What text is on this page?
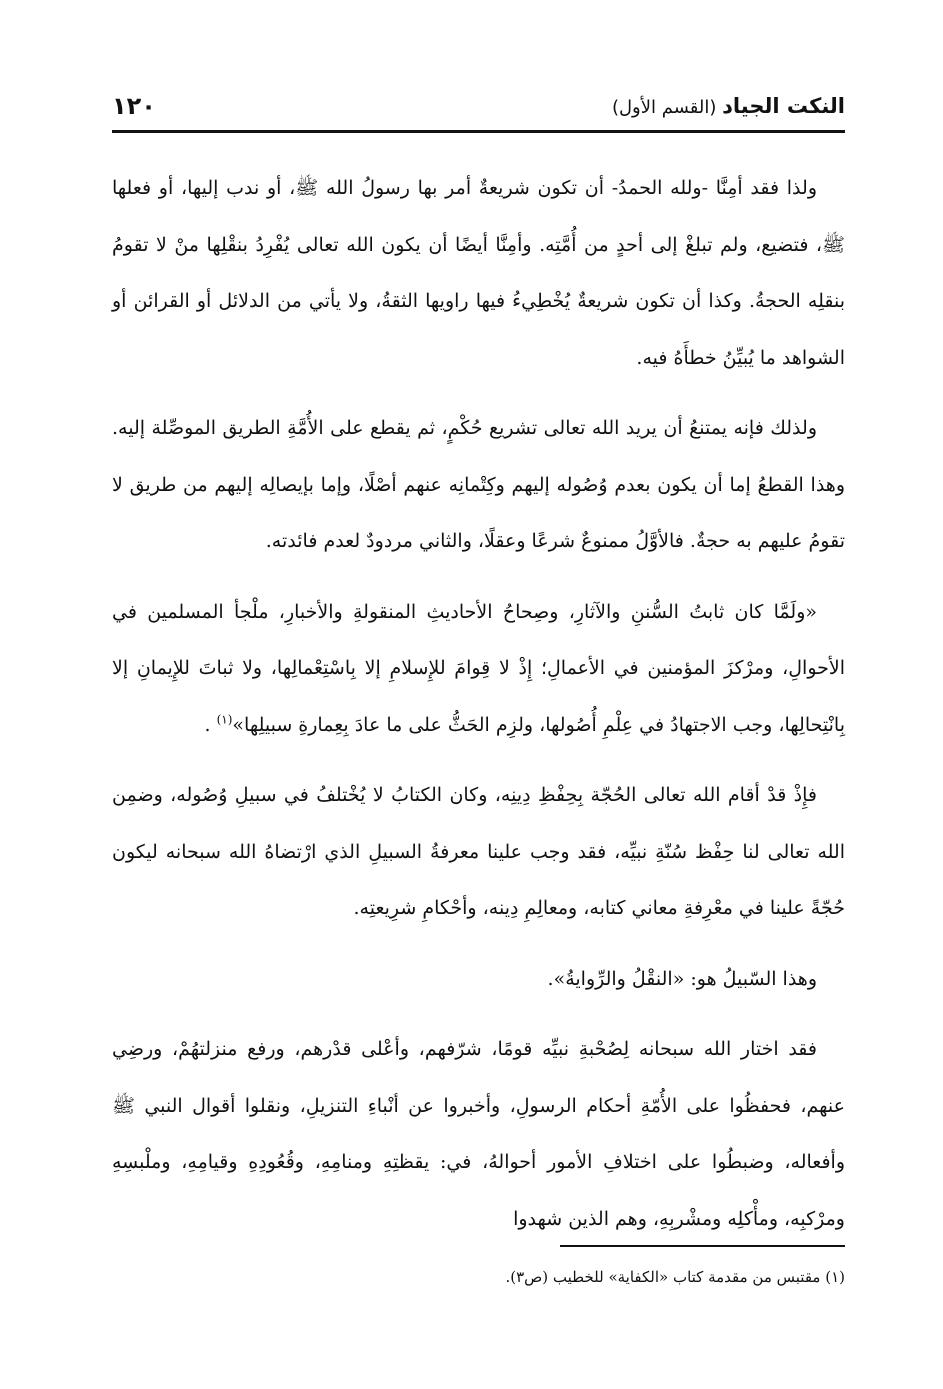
النكت الجياد (القسم الأول)
١٢٠

ولذا فقد أمِنَّا -ولله الحمدُ- أن تكون شريعةٌ أمر بها رسولُ الله ﷺ، أو ندب إليها، أو فعلها ﷺ، فتضيع، ولم تبلغْ إلى أحدٍ من أُمَّتِه. وأمِنَّا أيضًا أن يكون الله تعالى يُفْرِدُ بنقْلِها منْ لا تقومُ بنقلِه الحجةُ. وكذا أن تكون شريعةٌ يُخْطِيءُ فيها راويها الثقةُ، ولا يأتي من الدلائل أو القرائن أو الشواهد ما يُبيِّنُ خطأَهُ فيه.

ولذلك فإنه يمتنعُ أن يريد الله تعالى تشريع حُكْمٍ، ثم يقطع على الأُمَّةِ الطريق الموصِّلة إليه. وهذا القطعُ إما أن يكون بعدم وُصُوله إليهم وكِتْمانِه عنهم أصْلًا، وإما بإيصالِه إليهم من طريق لا تقومُ عليهم به حجةٌ. فالأوَّلُ ممنوعٌ شرعًا وعقلًا، والثاني مردودٌ لعدم فائدته.

«ولَمَّا كان ثابتُ السُّننِ والآثارِ، وصِحاحُ الأحاديثِ المنقولةِ والأخبارِ، ملْجأ المسلمين في الأحوالِ، ومرْكزَ المؤمنين في الأعمالِ؛ إِذْ لا قِوامَ للإِسلامِ إلا بِاسْتِعْمالِها، ولا ثباتَ للإِيمانِ إلا بِانْتِحالِها، وجب الاجتهادُ في عِلْمِ أُصُولها، ولزِم الحَثُّ على ما عادَ بِعِمارةِ سبيلِها»$^{(١)}$ .

فإِذْ قدْ أقام الله تعالى الحُجّة بِحِفْظِ دِينِه، وكان الكتابُ لا يُخْتلفُ في سبيلِ وُصُوله، وضمِن الله تعالى لنا حِفْظ سُنّةِ نبيِّه، فقد وجب علينا معرفةُ السبيلِ الذي ارْتضاهُ الله سبحانه ليكون حُجّةً علينا في معْرِفةِ معاني كتابه، ومعالِمِ دِينه، وأحْكامِ شرِيعتِه.

وهذا السّبيلُ هو: «النقْلُ والرِّوايةُ».

فقد اختار الله سبحانه لِصُحْبةِ نبيِّه قومًا، شرّفهم، وأعْلى قدْرهم، ورفع منزلتهُمْ، ورضِي عنهم، فحفظُوا على الأُمّةِ أحكام الرسولِ، وأخبروا عن أنْباءِ التنزيلِ، ونقلوا أقوال النبي ﷺ وأفعاله، وضبطُوا على اختلافِ الأمور أحوالهُ، في: يقظتِهِ ومنامِهِ، وقُعُودِهِ وقيامِهِ، وملْبسِهِ ومرْكبِه، ومأْكلِه ومشْربِهِ، وهم الذين شهدوا

(١) مقتبس من مقدمة كتاب «الكفاية» للخطيب (ص٣).
